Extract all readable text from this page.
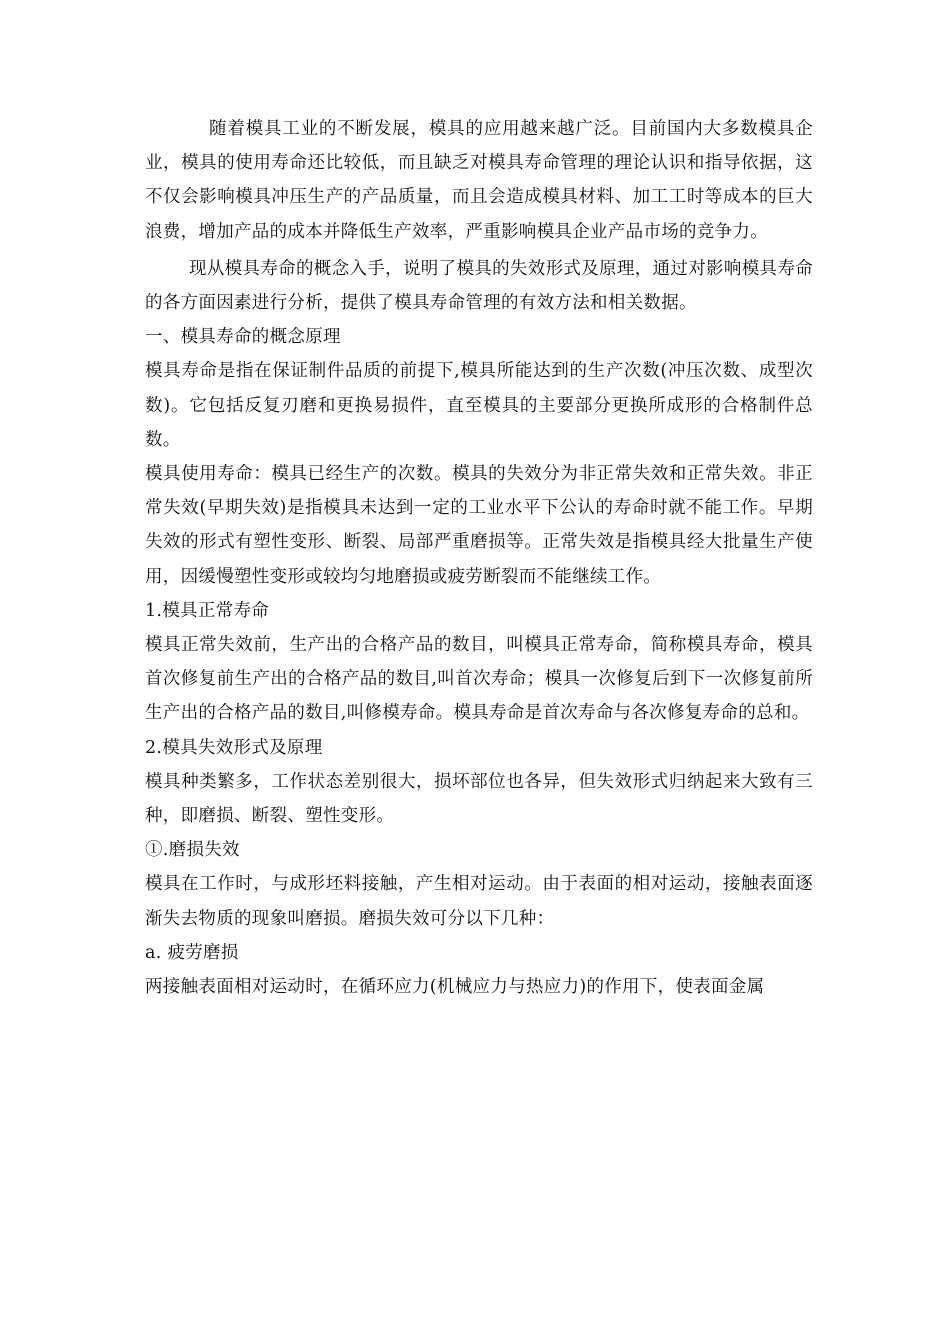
随着模具工业的不断发展，模具的应用越来越广泛。目前国内大多数模具企业，模具的使用寿命还比较低，而且缺乏对模具寿命管理的理论认识和指导依据，这不仅会影响模具冲压生产的产品质量，而且会造成模具材料、加工工时等成本的巨大浪费，增加产品的成本并降低生产效率，严重影响模具企业产品市场的竞争力。

现从模具寿命的概念入手，说明了模具的失效形式及原理，通过对影响模具寿命的各方面因素进行分析，提供了模具寿命管理的有效方法和相关数据。

一、模具寿命的概念原理

模具寿命是指在保证制件品质的前提下,模具所能达到的生产次数(冲压次数、成型次数)。它包括反复刃磨和更换易损件，直至模具的主要部分更换所成形的合格制件总数。

模具使用寿命：模具已经生产的次数。模具的失效分为非正常失效和正常失效。非正常失效(早期失效)是指模具未达到一定的工业水平下公认的寿命时就不能工作。早期失效的形式有塑性变形、断裂、局部严重磨损等。正常失效是指模具经大批量生产使用，因缓慢塑性变形或较均匀地磨损或疲劳断裂而不能继续工作。

1.模具正常寿命

模具正常失效前，生产出的合格产品的数目，叫模具正常寿命，简称模具寿命，模具首次修复前生产出的合格产品的数目,叫首次寿命；模具一次修复后到下一次修复前所生产出的合格产品的数目,叫修模寿命。模具寿命是首次寿命与各次修复寿命的总和。

2.模具失效形式及原理

模具种类繁多，工作状态差别很大，损坏部位也各异，但失效形式归纳起来大致有三种，即磨损、断裂、塑性变形。

①.磨损失效

模具在工作时，与成形坯料接触，产生相对运动。由于表面的相对运动，接触表面逐渐失去物质的现象叫磨损。磨损失效可分以下几种：

a. 疲劳磨损

两接触表面相对运动时，在循环应力(机械应力与热应力)的作用下，使表面金属
